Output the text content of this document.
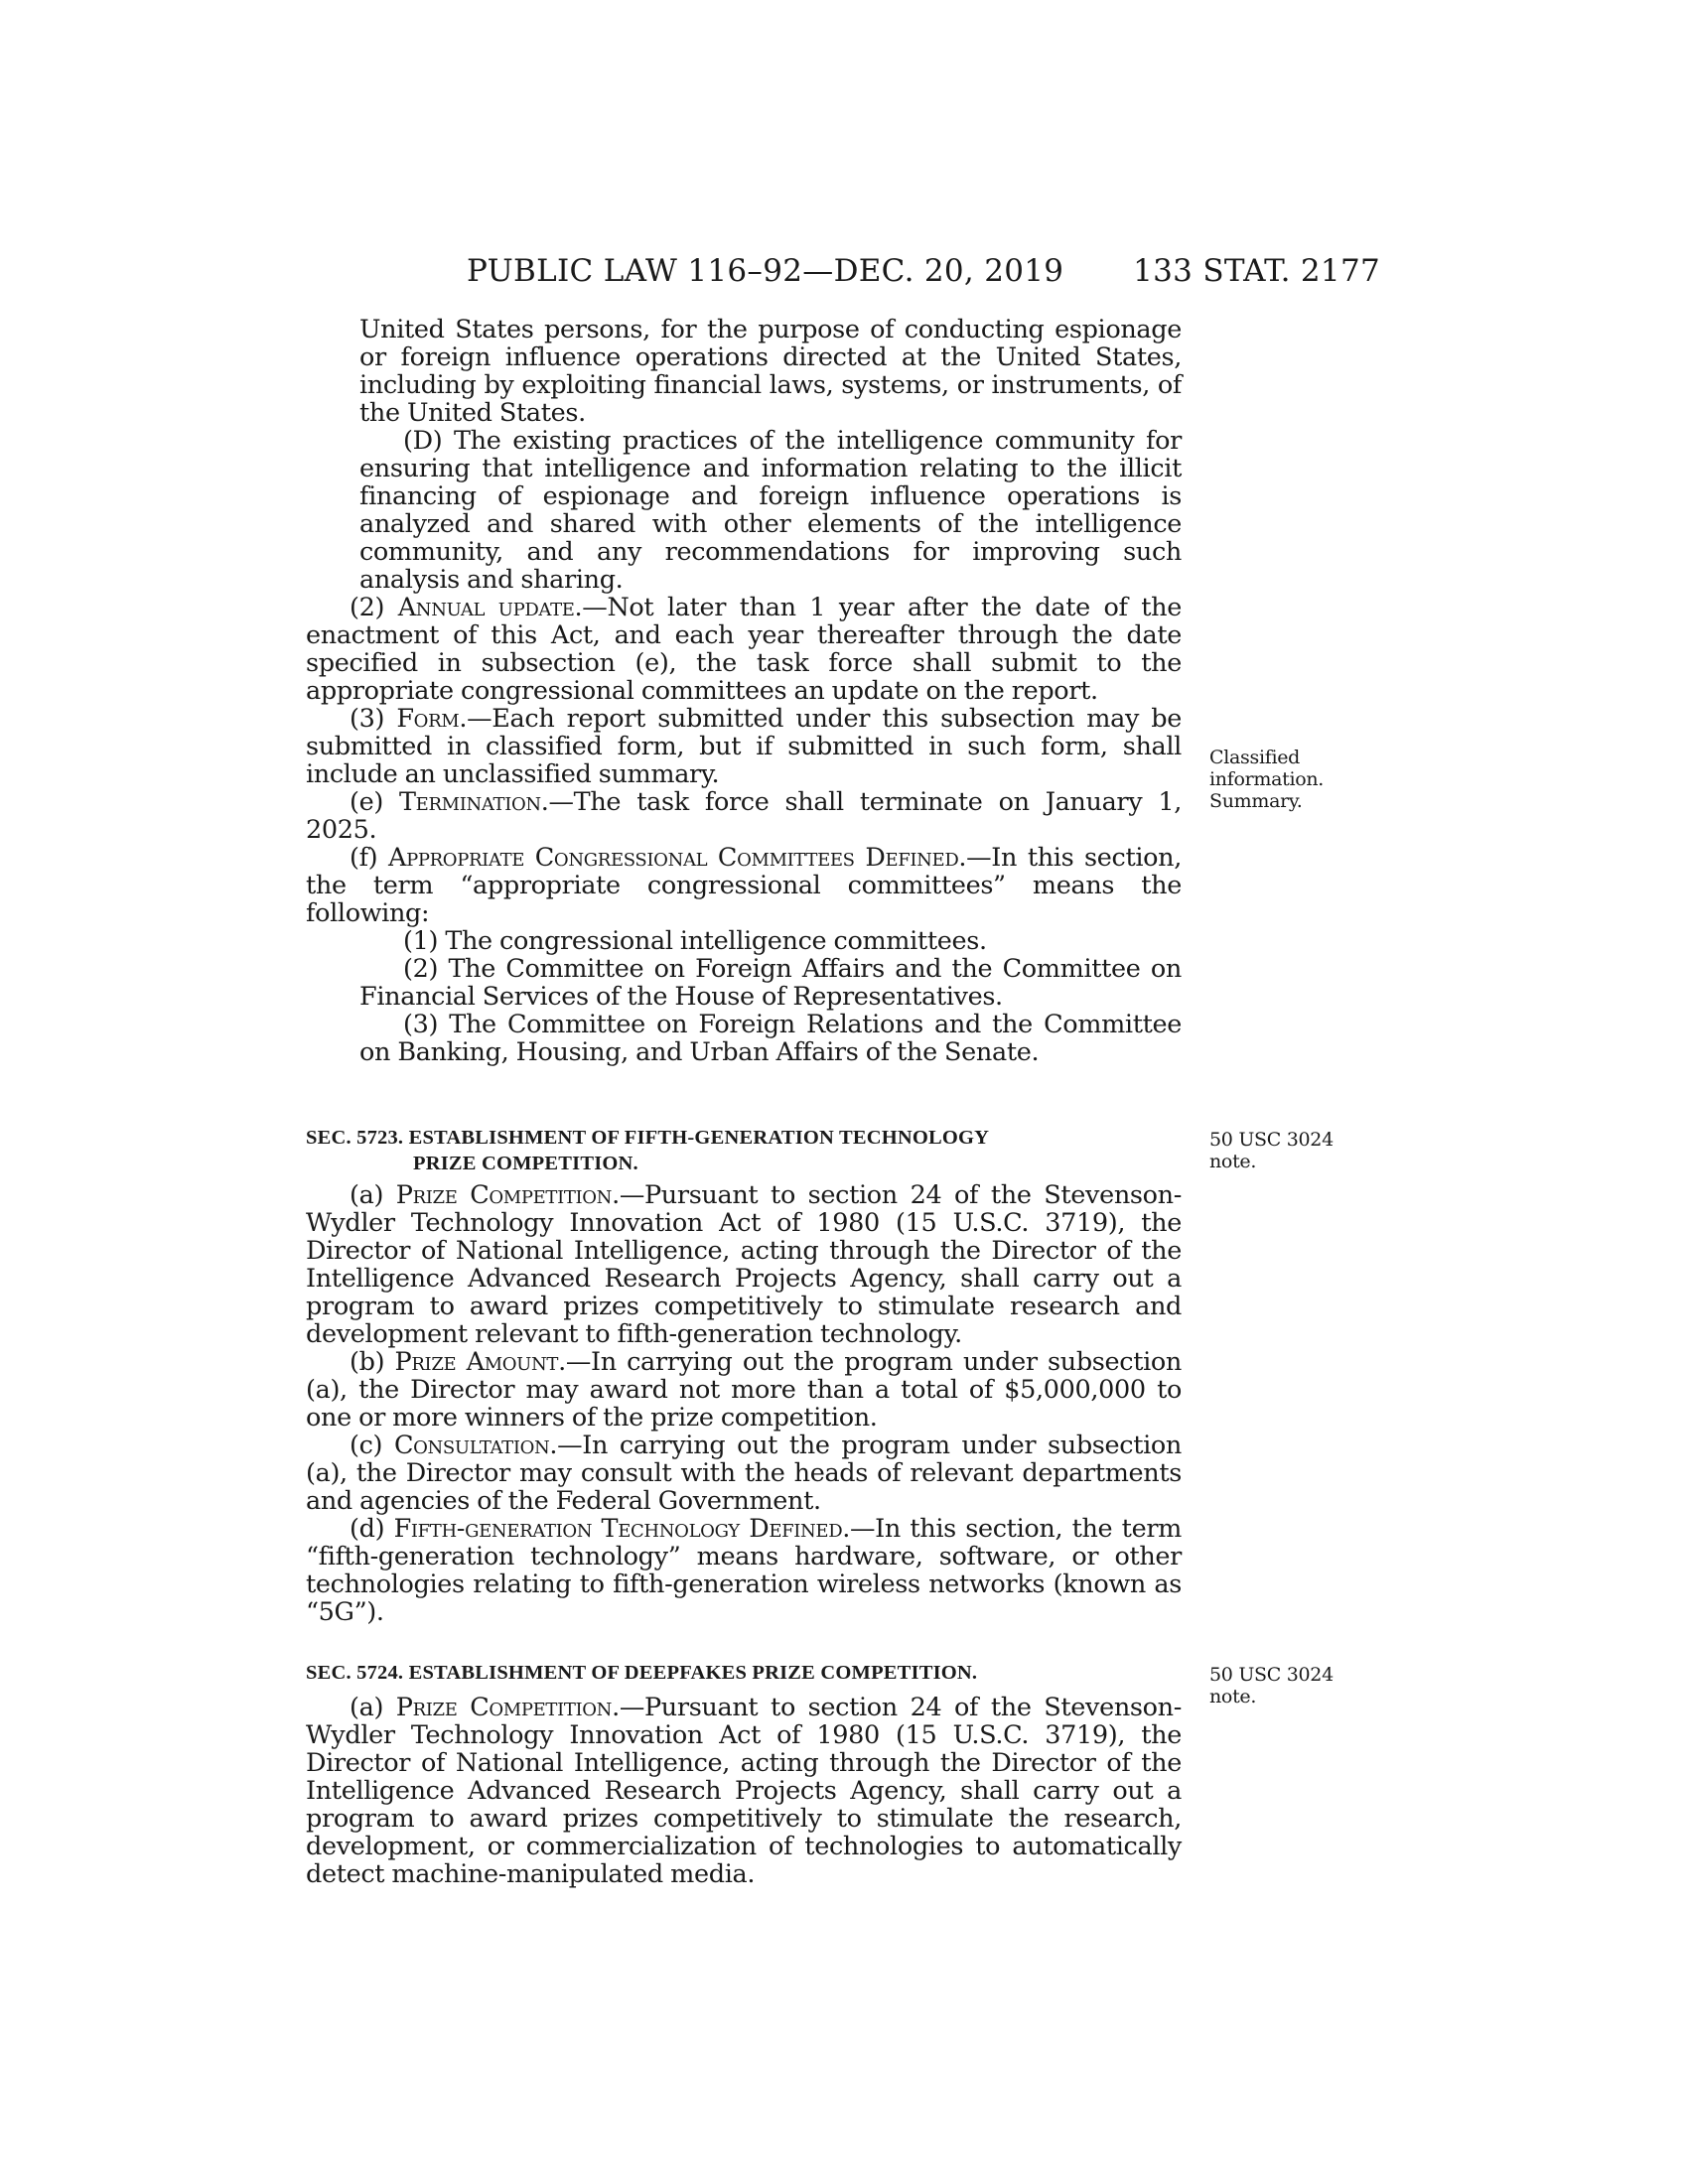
PUBLIC LAW 116–92—DEC. 20, 2019 133 STAT. 2177

United States persons, for the purpose of conducting espionage or foreign influence operations directed at the United States, including by exploiting financial laws, systems, or instruments, of the United States.

(D) The existing practices of the intelligence community for ensuring that intelligence and information relating to the illicit financing of espionage and foreign influence operations is analyzed and shared with other elements of the intelligence community, and any recommendations for improving such analysis and sharing.

(2) Annual update.—Not later than 1 year after the date of the enactment of this Act, and each year thereafter through the date specified in subsection (e), the task force shall submit to the appropriate congressional committees an update on the report.

(3) Form.—Each report submitted under this subsection may be submitted in classified form, but if submitted in such form, shall include an unclassified summary.

(e) Termination.—The task force shall terminate on January 1, 2025.

(f) Appropriate Congressional Committees Defined.—In this section, the term “appropriate congressional committees” means the following:

(1) The congressional intelligence committees.

(2) The Committee on Foreign Affairs and the Committee on Financial Services of the House of Representatives.

(3) The Committee on Foreign Relations and the Committee on Banking, Housing, and Urban Affairs of the Senate.

SEC. 5723. ESTABLISHMENT OF FIFTH-GENERATION TECHNOLOGY
PRIZE COMPETITION.

(a) Prize Competition.—Pursuant to section 24 of the Stevenson-Wydler Technology Innovation Act of 1980 (15 U.S.C. 3719), the Director of National Intelligence, acting through the Director of the Intelligence Advanced Research Projects Agency, shall carry out a program to award prizes competitively to stimulate research and development relevant to fifth-generation technology.

(b) Prize Amount.—In carrying out the program under subsection (a), the Director may award not more than a total of $5,000,000 to one or more winners of the prize competition.

(c) Consultation.—In carrying out the program under subsection (a), the Director may consult with the heads of relevant departments and agencies of the Federal Government.

(d) Fifth-generation Technology Defined.—In this section, the term “fifth-generation technology” means hardware, software, or other technologies relating to fifth-generation wireless networks (known as “5G”).

SEC. 5724. ESTABLISHMENT OF DEEPFAKES PRIZE COMPETITION.

(a) Prize Competition.—Pursuant to section 24 of the Stevenson-Wydler Technology Innovation Act of 1980 (15 U.S.C. 3719), the Director of National Intelligence, acting through the Director of the Intelligence Advanced Research Projects Agency, shall carry out a program to award prizes competitively to stimulate the research, development, or commercialization of technologies to automatically detect machine-manipulated media.

Classified
information.
Summary.
50 USC 3024
note.
50 USC 3024
note.
